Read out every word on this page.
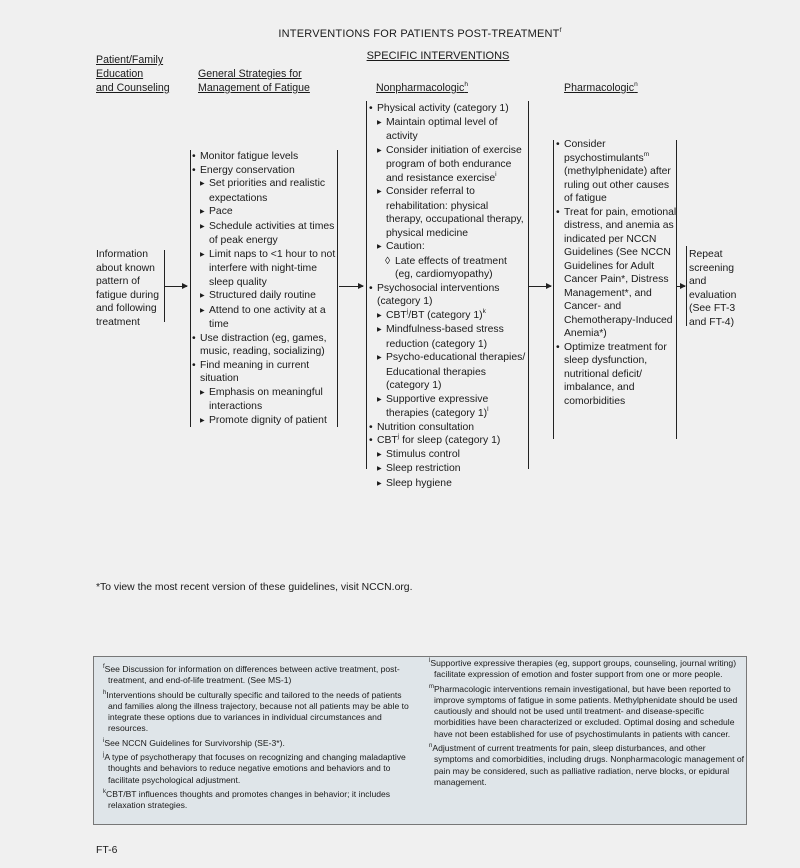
INTERVENTIONS FOR PATIENTS POST-TREATMENT$^f$
SPECIFIC INTERVENTIONS
Patient/Family
Education
and Counseling
General Strategies for
Management of Fatigue	Nonpharmacologic$^h$	Pharmacologic$^n$
Information about known pattern of fatigue during and following treatment
• Monitor fatigue levels
• Energy conservation
▶ Set priorities and realistic expectations
▶ Pace
▶ Schedule activities at times of peak energy
▶ Limit naps to <1 hour to not interfere with night-time sleep quality
▶ Structured daily routine
▶ Attend to one activity at a time
• Use distraction (eg, games, music, reading, socializing)
• Find meaning in current situation
▶ Emphasis on meaningful interactions
▶ Promote dignity of patient
• Physical activity (category 1)
▶ Maintain optimal level of activity
▶ Consider initiation of exercise program of both endurance and resistance exercise$^i$
▶ Consider referral to rehabilitation: physical therapy, occupational therapy, physical medicine
▶ Caution:
◊ Late effects of treatment (eg, cardiomyopathy)
• Psychosocial interventions (category 1)
▶ CBT$^j$/BT (category 1)$^k$
▶ Mindfulness-based stress reduction (category 1)
▶ Psycho-educational therapies/ Educational therapies (category 1)
▶ Supportive expressive therapies (category 1)$^l$
• Nutrition consultation
• CBT$^j$ for sleep (category 1)
▶ Stimulus control
▶ Sleep restriction
▶ Sleep hygiene
• Consider psychostimulants$^m$ (methylphenidate) after ruling out other causes of fatigue
• Treat for pain, emotional distress, and anemia as indicated per NCCN Guidelines (See NCCN Guidelines for Adult Cancer Pain*, Distress Management*, and Cancer- and Chemotherapy-Induced Anemia*)
• Optimize treatment for sleep dysfunction, nutritional deficit/ imbalance, and comorbidities
Repeat screening and evaluation (See FT-3 and FT-4)
*To view the most recent version of these guidelines, visit NCCN.org.

$^f$See Discussion for information on differences between active treatment, post-treatment, and end-of-life treatment. (See MS-1)

$^h$Interventions should be culturally specific and tailored to the needs of patients and families along the illness trajectory, because not all patients may be able to integrate these options due to variances in individual circumstances and resources.

$^i$See NCCN Guidelines for Survivorship (SE-3*).

$^j$A type of psychotherapy that focuses on recognizing and changing maladaptive thoughts and behaviors to reduce negative emotions and behaviors and to facilitate psychological adjustment.

$^k$CBT/BT influences thoughts and promotes changes in behavior; it includes relaxation strategies.

$^l$Supportive expressive therapies (eg, support groups, counseling, journal writing) facilitate expression of emotion and foster support from one or more people.

$^m$Pharmacologic interventions remain investigational, but have been reported to improve symptoms of fatigue in some patients. Methylphenidate should be used cautiously and should not be used until treatment- and disease-specific morbidities have been characterized or excluded. Optimal dosing and schedule have not been established for use of psychostimulants in patients with cancer.

$^n$Adjustment of current treatments for pain, sleep disturbances, and other symptoms and comorbidities, including drugs. Nonpharmacologic management of pain may be considered, such as palliative radiation, nerve blocks, or epidural management.

FT-6
